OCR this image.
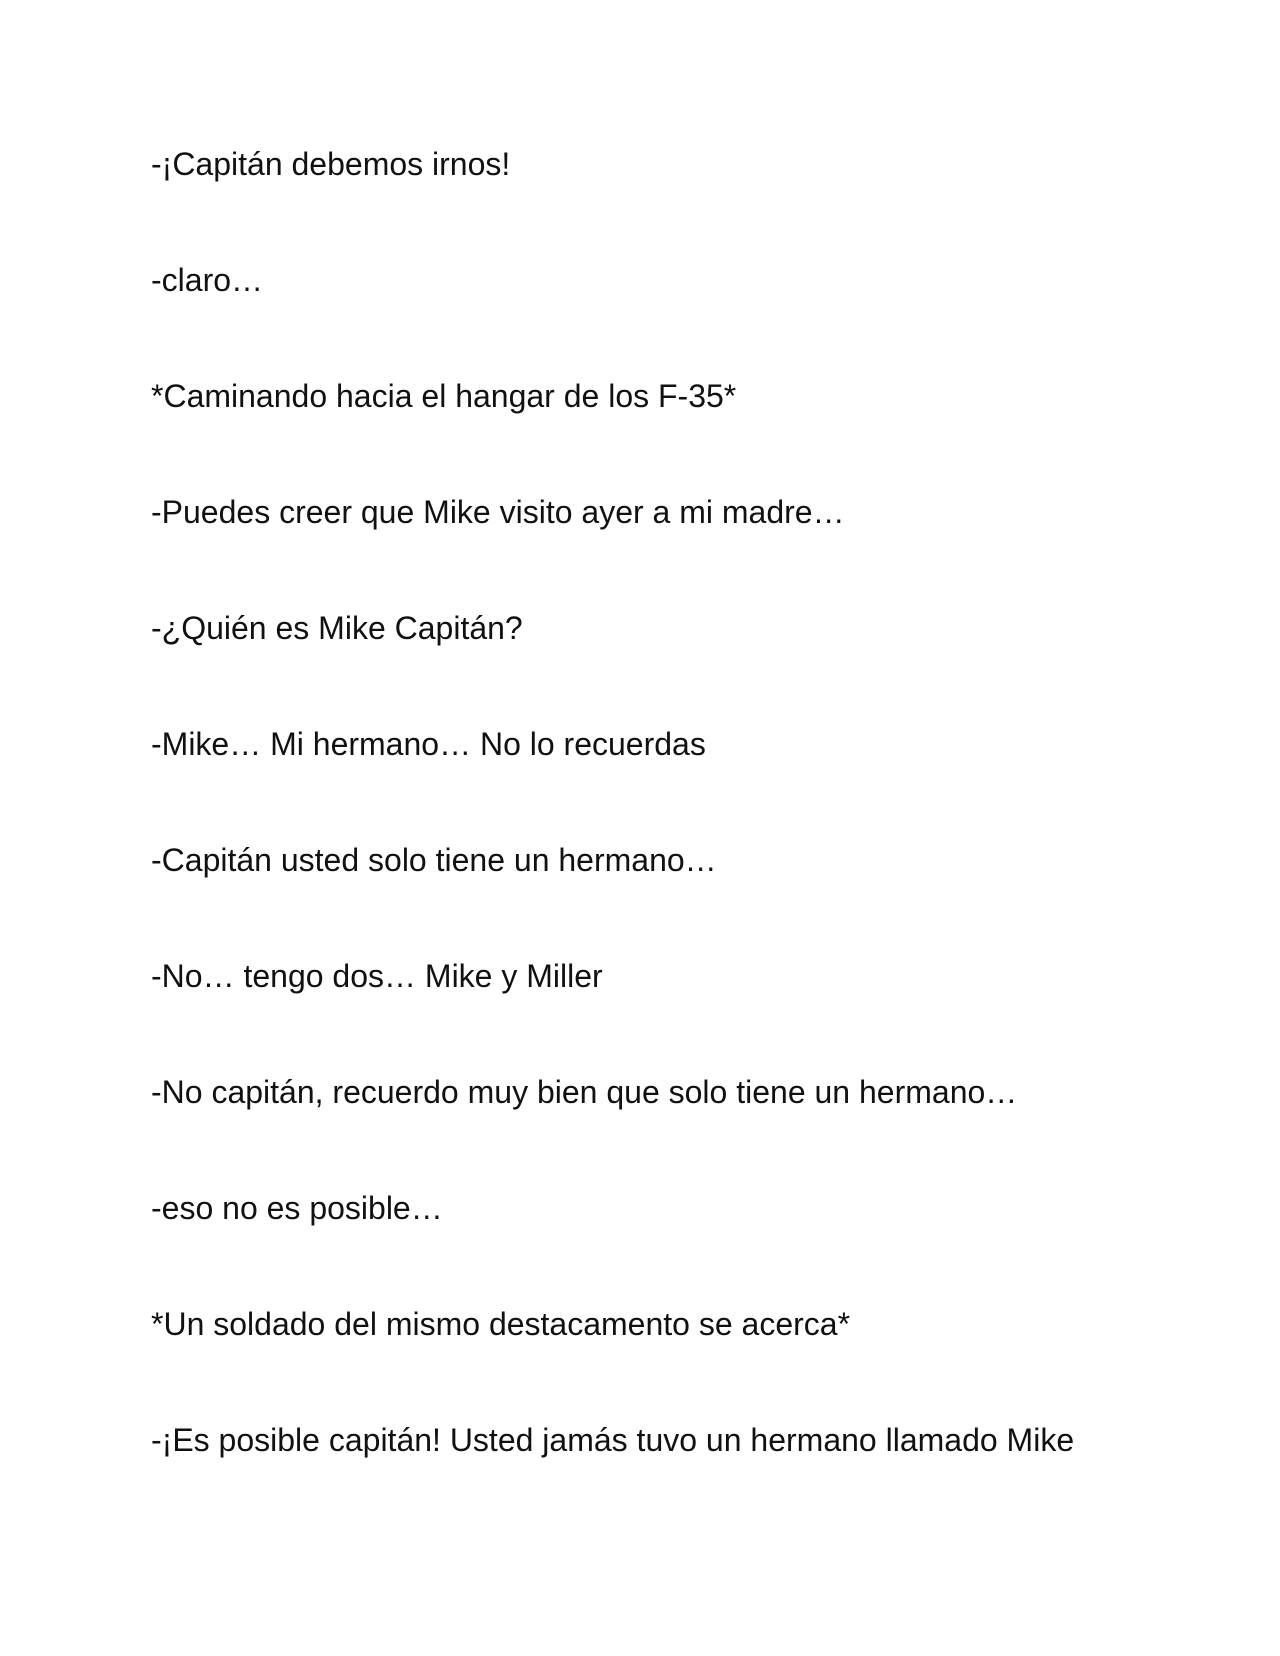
-¡Capitán debemos irnos!
-claro…
*Caminando hacia el hangar de los F-35*
-Puedes creer que Mike visito ayer a mi madre…
-¿Quién es Mike Capitán?
-Mike… Mi hermano… No lo recuerdas
-Capitán usted solo tiene un hermano…
-No… tengo dos… Mike y Miller
-No capitán, recuerdo muy bien que solo tiene un hermano…
-eso no es posible…
*Un soldado del mismo destacamento se acerca*
-¡Es posible capitán! Usted jamás tuvo un hermano llamado Mike
